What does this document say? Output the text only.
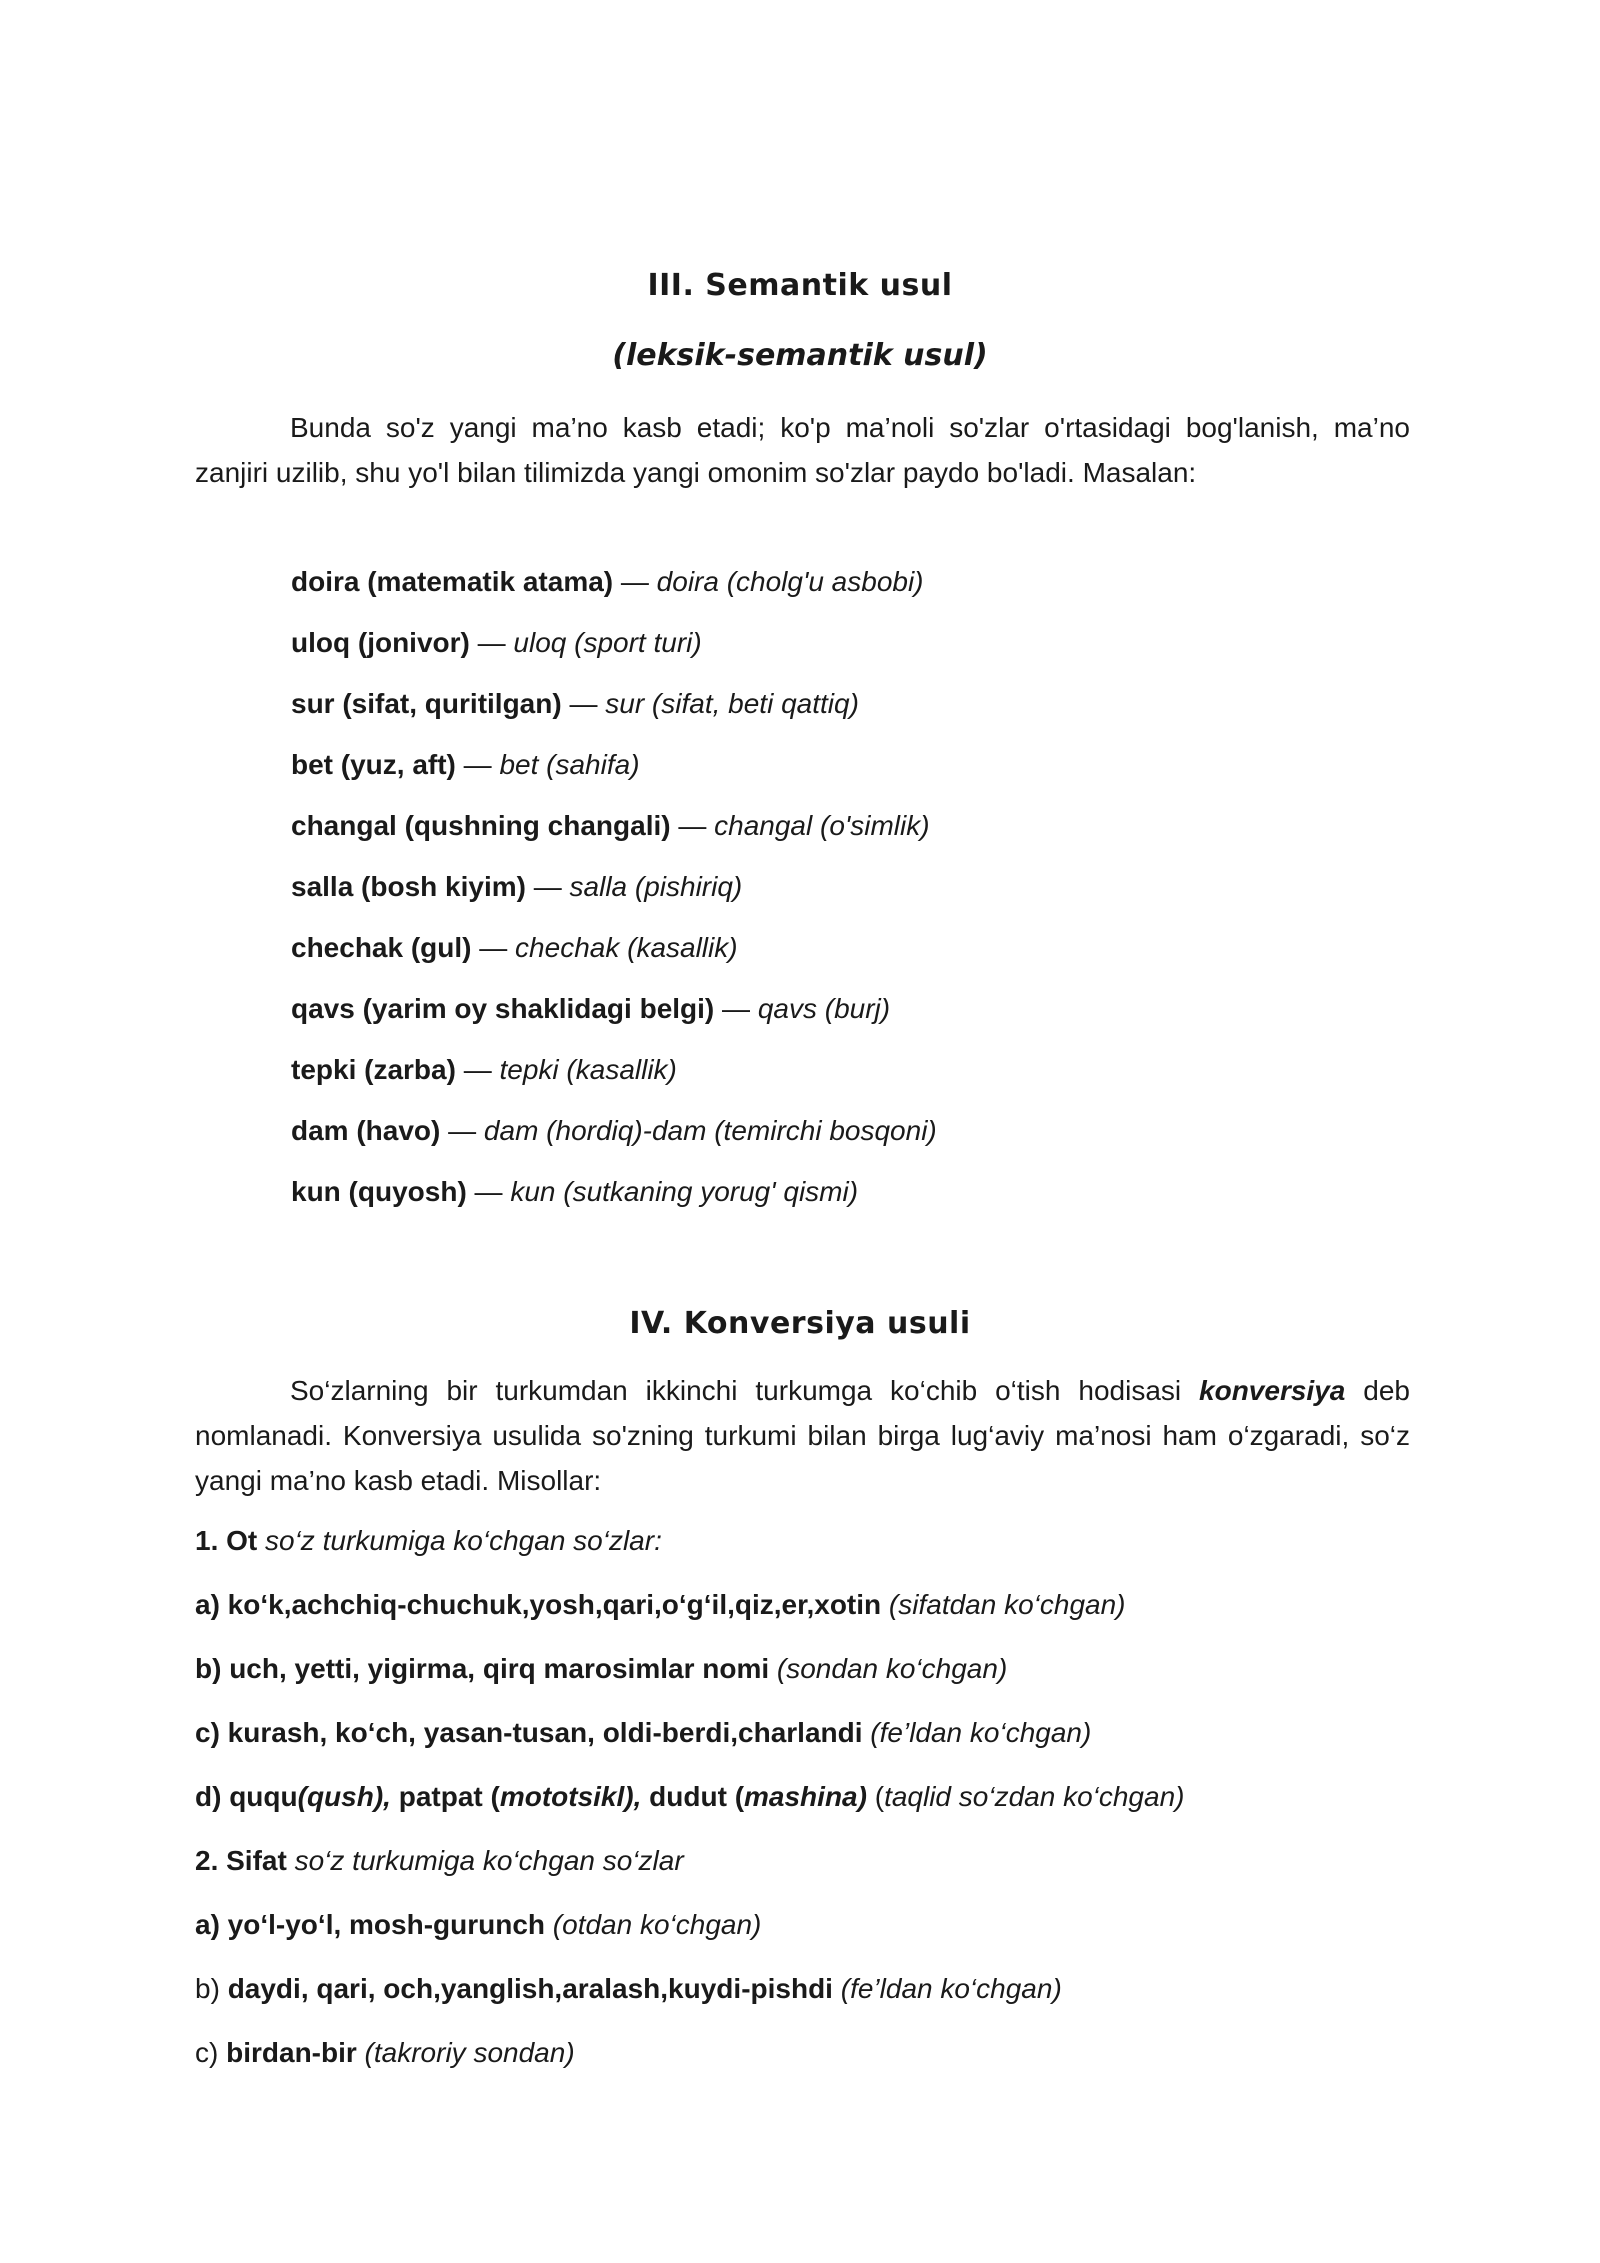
III. Semantik usul
(leksik-semantik usul)
Bunda so'z yangi ma’no kasb etadi; ko'p ma’noli so'zlar o'rtasidagi bog'lanish, ma’no zanjiri uzilib, shu yo'l bilan tilimizda yangi omonim so'zlar paydo bo'ladi. Masalan:
doira (matematik atama) — doira (cholg'u asbobi)
uloq (jonivor) — uloq (sport turi)
sur (sifat, quritilgan) — sur (sifat, beti qattiq)
bet (yuz, aft) — bet (sahifa)
changal (qushning changali) — changal (o'simlik)
salla (bosh kiyim) — salla (pishiriq)
chechak (gul) — chechak (kasallik)
qavs (yarim oy shaklidagi belgi) — qavs (burj)
tepki (zarba) — tepki (kasallik)
dam (havo) — dam (hordiq)-dam (temirchi bosqoni)
kun (quyosh) — kun (sutkaning yorug' qismi)
IV. Konversiya usuli
So‘zlarning bir turkumdan ikkinchi turkumga ko‘chib o‘tish hodisasi konversiya deb nomlanadi. Konversiya usulida so'zning turkumi bilan birga lug‘aviy ma’nosi ham o‘zgaradi, so‘z yangi ma’no kasb etadi. Misollar:
1. Ot so‘z turkumiga ko‘chgan so‘zlar:
a) ko‘k,achchiq-chuchuk,yosh,qari,o‘g‘il,qiz,er,xotin (sifatdan ko‘chgan)
b) uch, yetti, yigirma, qirq marosimlar nomi (sondan ko‘chgan)
c) kurash, ko‘ch, yasan-tusan, oldi-berdi,charlandi (fe’ldan ko‘chgan)
d) ququ(qush), patpat (mototsikl), dudut (mashina) (taqlid so‘zdan ko‘chgan)
2. Sifat so‘z turkumiga ko‘chgan so‘zlar
a) yo‘l-yo‘l, mosh-gurunch (otdan ko‘chgan)
b) daydi, qari, och,yanglish,aralash,kuydi-pishdi (fe’ldan ko‘chgan)
c) birdan-bir (takroriy sondan)
